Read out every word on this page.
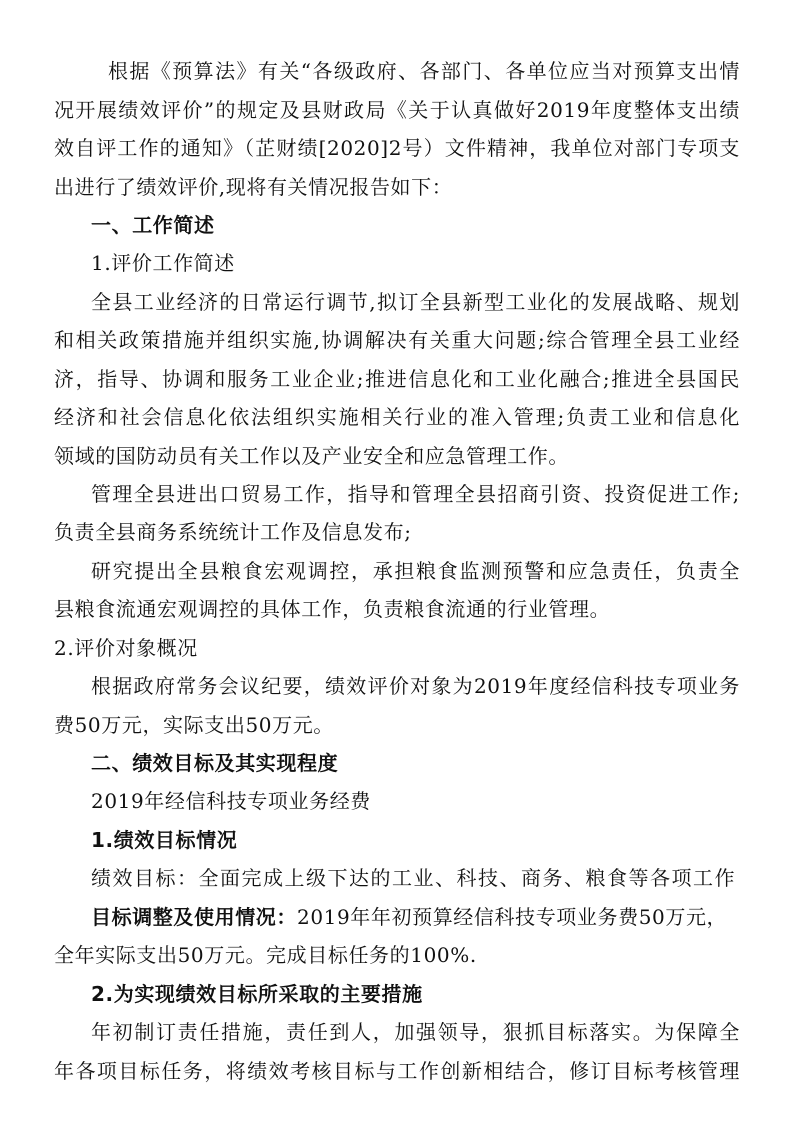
根据《预算法》有关“各级政府、各部门、各单位应当对预算支出情
况开展绩效评价”的规定及县财政局《关于认真做好2019年度整体支出绩
效自评工作的通知》（芷财绩[2020]2号）文件精神，我单位对部门专项支
出进行了绩效评价,现将有关情况报告如下：
一、工作简述
1.评价工作简述
全县工业经济的日常运行调节,拟订全县新型工业化的发展战略、规划
和相关政策措施并组织实施,协调解决有关重大问题;综合管理全县工业经
济，指导、协调和服务工业企业;推进信息化和工业化融合;推进全县国民
经济和社会信息化依法组织实施相关行业的准入管理;负责工业和信息化
领域的国防动员有关工作以及产业安全和应急管理工作。
管理全县进出口贸易工作，指导和管理全县招商引资、投资促进工作;
负责全县商务系统统计工作及信息发布;
研究提出全县粮食宏观调控，承担粮食监测预警和应急责任，负责全
县粮食流通宏观调控的具体工作，负责粮食流通的行业管理。
2.评价对象概况
根据政府常务会议纪要，绩效评价对象为2019年度经信科技专项业务
费50万元，实际支出50万元。
二、绩效目标及其实现程度
2019年经信科技专项业务经费
1.绩效目标情况
绩效目标：全面完成上级下达的工业、科技、商务、粮食等各项工作
目标调整及使用情况：2019年年初预算经信科技专项业务费50万元，
全年实际支出50万元。完成目标任务的100%.
2.为实现绩效目标所采取的主要措施
年初制订责任措施，责任到人，加强领导，狠抓目标落实。为保障全
年各项目标任务，将绩效考核目标与工作创新相结合，修订目标考核管理
